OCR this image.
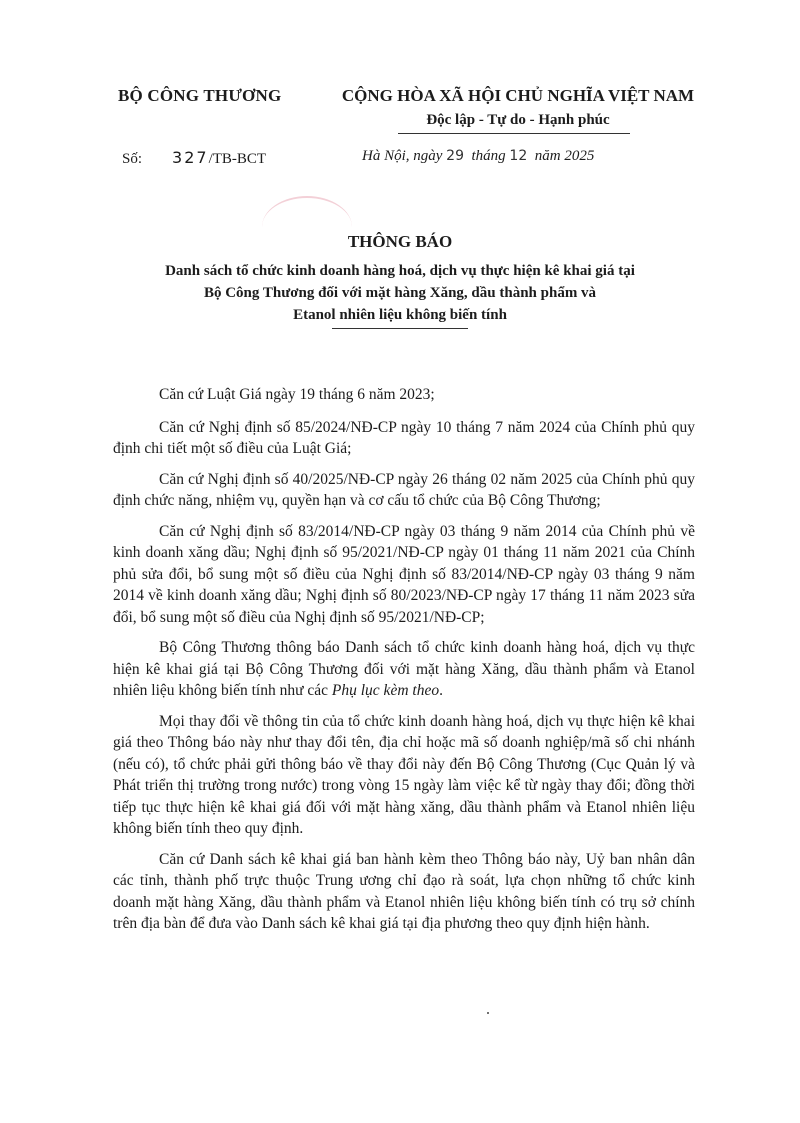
BỘ CÔNG THƯƠNG	CỘNG HÒA XÃ HỘI CHỦ NGHĨA VIỆT NAM
Độc lập - Tự do - Hạnh phúc
Số: 327/TB-BCT	Hà Nội, ngày 29 tháng 12 năm 2025
THÔNG BÁO
Danh sách tổ chức kinh doanh hàng hoá, dịch vụ thực hiện kê khai giá tại
Bộ Công Thương đối với mặt hàng Xăng, dầu thành phẩm và
Etanol nhiên liệu không biến tính

Căn cứ Luật Giá ngày 19 tháng 6 năm 2023;

Căn cứ Nghị định số 85/2024/NĐ-CP ngày 10 tháng 7 năm 2024 của Chính phủ quy định chi tiết một số điều của Luật Giá;

Căn cứ Nghị định số 40/2025/NĐ-CP ngày 26 tháng 02 năm 2025 của Chính phủ quy định chức năng, nhiệm vụ, quyền hạn và cơ cấu tổ chức của Bộ Công Thương;

Căn cứ Nghị định số 83/2014/NĐ-CP ngày 03 tháng 9 năm 2014 của Chính phủ về kinh doanh xăng dầu; Nghị định số 95/2021/NĐ-CP ngày 01 tháng 11 năm 2021 của Chính phủ sửa đổi, bổ sung một số điều của Nghị định số 83/2014/NĐ-CP ngày 03 tháng 9 năm 2014 về kinh doanh xăng dầu; Nghị định số 80/2023/NĐ-CP ngày 17 tháng 11 năm 2023 sửa đổi, bổ sung một số điều của Nghị định số 95/2021/NĐ-CP;

Bộ Công Thương thông báo Danh sách tổ chức kinh doanh hàng hoá, dịch vụ thực hiện kê khai giá tại Bộ Công Thương đối với mặt hàng Xăng, dầu thành phẩm và Etanol nhiên liệu không biến tính như các Phụ lục kèm theo.

Mọi thay đổi về thông tin của tổ chức kinh doanh hàng hoá, dịch vụ thực hiện kê khai giá theo Thông báo này như thay đổi tên, địa chỉ hoặc mã số doanh nghiệp/mã số chi nhánh (nếu có), tổ chức phải gửi thông báo về thay đổi này đến Bộ Công Thương (Cục Quản lý và Phát triển thị trường trong nước) trong vòng 15 ngày làm việc kể từ ngày thay đổi; đồng thời tiếp tục thực hiện kê khai giá đối với mặt hàng xăng, dầu thành phẩm và Etanol nhiên liệu không biến tính theo quy định.

Căn cứ Danh sách kê khai giá ban hành kèm theo Thông báo này, Uỷ ban nhân dân các tỉnh, thành phố trực thuộc Trung ương chỉ đạo rà soát, lựa chọn những tổ chức kinh doanh mặt hàng Xăng, dầu thành phẩm và Etanol nhiên liệu không biến tính có trụ sở chính trên địa bàn để đưa vào Danh sách kê khai giá tại địa phương theo quy định hiện hành.
